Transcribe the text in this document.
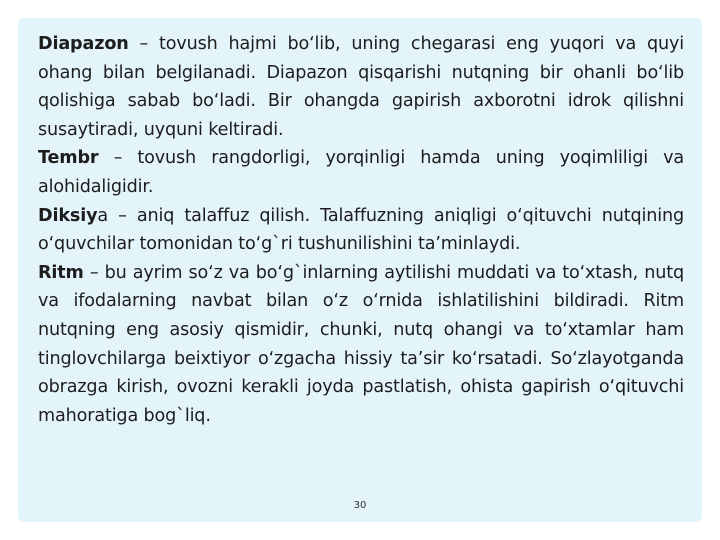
Diapazon – tovush hajmi bo‘lib, uning chegarasi eng yuqori va quyi ohang bilan belgilanadi. Diapazon qisqarishi nutqning bir ohanli bo‘lib qolishiga sabab bo‘ladi. Bir ohangda gapirish axborotni idrok qilishni susaytiradi, uyquni keltiradi.

Tembr – tovush rangdorligi, yorqinligi hamda uning yoqimliligi va alohidaligidir.

Diksiya – aniq talaffuz qilish. Talaffuzning aniqligi o‘qituvchi nutqining o‘quvchilar tomonidan to‘g`ri tushunilishini ta’minlaydi.

Ritm – bu ayrim so‘z va bo‘g`inlarning aytilishi muddati va to‘xtash, nutq va ifodalarning navbat bilan o‘z o‘rnida ishlatilishini bildiradi. Ritm nutqning eng asosiy qismidir, chunki, nutq ohangi va to‘xtamlar ham tinglovchilarga beixtiyor o‘zgacha hissiy ta’sir ko‘rsatadi. So‘zlayotganda obrazga kirish, ovozni kerakli joyda pastlatish, ohista gapirish o‘qituvchi mahoratiga bog`liq.

30
